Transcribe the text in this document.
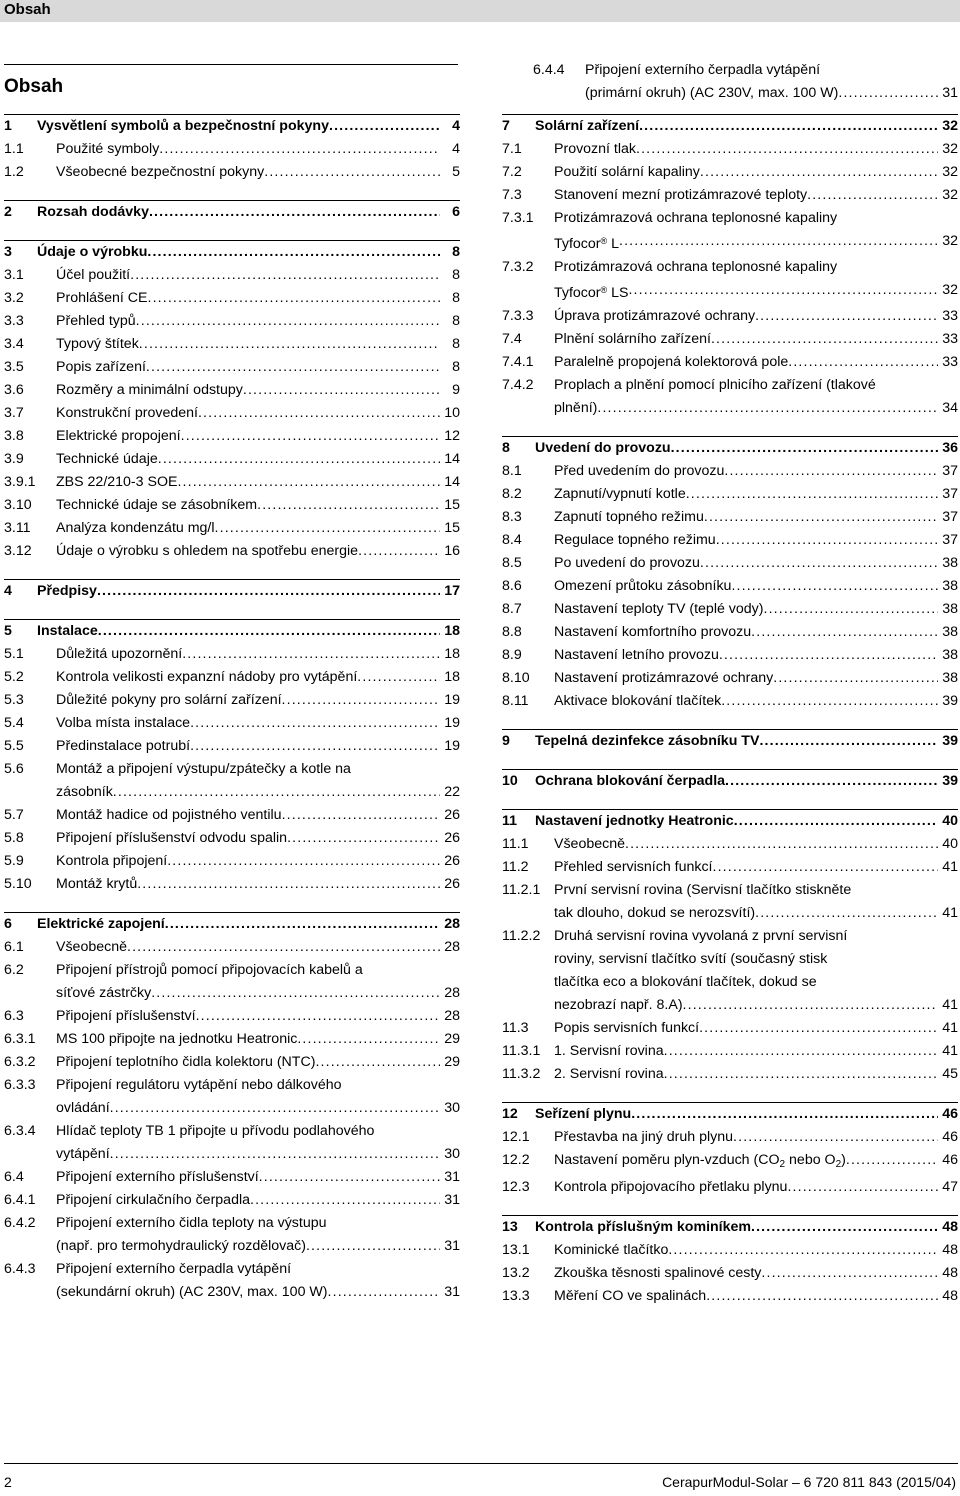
Obsah
Obsah
1	Vysvětlení symbolů a bezpečnostní pokyny . . .	4
1.1	Použité symboly . . .	4
1.2	Všeobecné bezpečnostní pokyny . . .	5
2	Rozsah dodávky . . .	6
3	Údaje o výrobku . . .	8
3.1	Účel použití . . .	8
3.2	Prohlášení CE . . .	8
3.3	Přehled typů . . .	8
3.4	Typový štítek . . .	8
3.5	Popis zařízení . . .	8
3.6	Rozměry a minimální odstupy . . .	9
3.7	Konstrukční provedení . . .	10
3.8	Elektrické propojení . . .	12
3.9	Technické údaje . . .	14
3.9.1	ZBS 22/210-3 SOE . . .	14
3.10	Technické údaje se zásobníkem . . .	15
3.11	Analýza kondenzátu mg/l . . .	15
3.12	Údaje o výrobku s ohledem na spotřebu energie . . .	16
4	Předpisy . . .	17
5	Instalace . . .	18
5.1	Důležitá upozornění . . .	18
5.2	Kontrola velikosti expanzní nádoby pro vytápění . . .	18
5.3	Důležité pokyny pro solární zařízení . . .	19
5.4	Volba místa instalace . . .	19
5.5	Předinstalace potrubí . . .	19
5.6	Montáž a připojení výstupu/zpátečky a kotle na
zásobník . . .	22
5.7	Montáž hadice od pojistného ventilu . . .	26
5.8	Připojení příslušenství odvodu spalin . . .	26
5.9	Kontrola připojení . . .	26
5.10	Montáž krytů . . .	26
6	Elektrické zapojení . . .	28
6.1	Všeobecně . . .	28
6.2	Připojení přístrojů pomocí připojovacích kabelů a
síťové zástrčky . . .	28
6.3	Připojení příslušenství . . .	28
6.3.1	MS 100 připojte na jednotku Heatronic . . .	29
6.3.2	Připojení teplotního čidla kolektoru (NTC) . . .	29
6.3.3	Připojení regulátoru vytápění nebo dálkového
ovládání . . .	30
6.3.4	Hlídač teploty TB 1 připojte u přívodu podlahového
vytápění . . .	30
6.4	Připojení externího příslušenství . . .	31
6.4.1	Připojení cirkulačního čerpadla . . .	31
6.4.2	Připojení externího čidla teploty na výstupu
(např. pro termohydraulický rozdělovač) . . .	31
6.4.3	Připojení externího čerpadla vytápění
(sekundární okruh) (AC 230V, max. 100 W) . . .	31
6.4.4	Připojení externího čerpadla vytápění
(primární okruh) (AC 230V, max. 100 W) . . .	31
7	Solární zařízení . . .	32
7.1	Provozní tlak . . .	32
7.2	Použití solární kapaliny . . .	32
7.3	Stanovení mezní protizámrazové teploty . . .	32
7.3.1	Protizámrazová ochrana teplonosné kapaliny
Tyfocor® L . . .	32
7.3.2	Protizámrazová ochrana teplonosné kapaliny
Tyfocor® LS . . .	32
7.3.3	Úprava protizámrazové ochrany . . .	33
7.4	Plnění solárního zařízení . . .	33
7.4.1	Paralelně propojená kolektorová pole . . .	33
7.4.2	Proplach a plnění pomocí plnicího zařízení (tlakové
plnění) . . .	34
8	Uvedení do provozu . . .	36
8.1	Před uvedením do provozu . . .	37
8.2	Zapnutí/vypnutí kotle . . .	37
8.3	Zapnutí topného režimu . . .	37
8.4	Regulace topného režimu . . .	37
8.5	Po uvedení do provozu . . .	38
8.6	Omezení průtoku zásobníku . . .	38
8.7	Nastavení teploty TV (teplé vody) . . .	38
8.8	Nastavení komfortního provozu . . .	38
8.9	Nastavení letního provozu . . .	38
8.10	Nastavení protizámrazové ochrany . . .	38
8.11	Aktivace blokování tlačítek . . .	39
9	Tepelná dezinfekce zásobníku TV . . .	39
10	Ochrana blokování čerpadla . . .	39
11	Nastavení jednotky Heatronic . . .	40
11.1	Všeobecně . . .	40
11.2	Přehled servisních funkcí . . .	41
11.2.1 První servisní rovina (Servisní tlačítko stiskněte
tak dlouho, dokud se nerozsvítí) . . .	41
11.2.2 Druhá servisní rovina vyvolaná z první servisní
roviny, servisní tlačítko svítí (současný stisk
tlačítka eco a blokování tlačítek, dokud se
nezobrazí např. 8.A) . . .	41
11.3	Popis servisních funkcí . . .	41
11.3.1 1. Servisní rovina . . .	41
11.3.2 2. Servisní rovina . . .	45
12	Seřízení plynu . . .	46
12.1	Přestavba na jiný druh plynu . . .	46
12.2	Nastavení poměru plyn-vzduch ($CO_2$ nebo $O_2$) . . .	46
12.3	Kontrola připojovacího přetlaku plynu . . .	47
13	Kontrola příslušným kominíkem . . .	48
13.1	Kominické tlačítko . . .	48
13.2	Zkouška těsnosti spalinové cesty . . .	48
13.3	Měření CO ve spalinách . . .	48
2	CerapurModul-Solar – 6 720 811 843 (2015/04)
